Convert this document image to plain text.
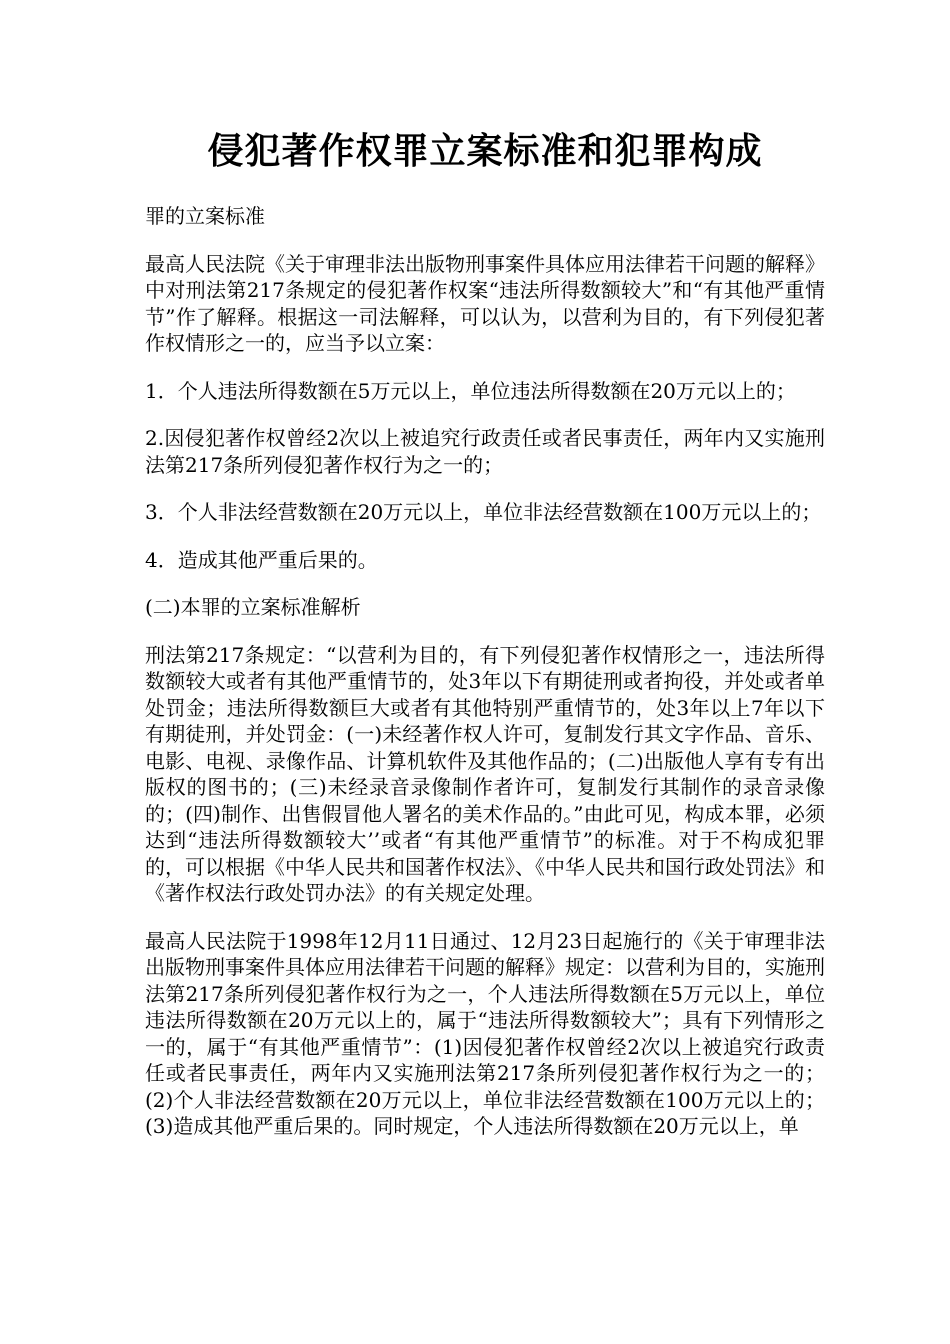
侵犯著作权罪立案标准和犯罪构成

罪的立案标准

最高人民法院《关于审理非法出版物刑事案件具体应用法律若干问题的解释》中对刑法第217条规定的侵犯著作权案“违法所得数额较大”和“有其他严重情节”作了解释。根据这一司法解释，可以认为，以营利为目的，有下列侵犯著作权情形之一的，应当予以立案：

1．个人违法所得数额在5万元以上，单位违法所得数额在20万元以上的；

2.因侵犯著作权曾经2次以上被追究行政责任或者民事责任，两年内又实施刑法第217条所列侵犯著作权行为之一的；

3．个人非法经营数额在20万元以上，单位非法经营数额在100万元以上的；

4．造成其他严重后果的。

(二)本罪的立案标准解析

刑法第217条规定：“以营利为目的，有下列侵犯著作权情形之一，违法所得数额较大或者有其他严重情节的，处3年以下有期徒刑或者拘役，并处或者单处罚金；违法所得数额巨大或者有其他特别严重情节的，处3年以上7年以下有期徒刑，并处罚金：(一)未经著作权人许可，复制发行其文字作品、音乐、电影、电视、录像作品、计算机软件及其他作品的；(二)出版他人享有专有出版权的图书的；(三)未经录音录像制作者许可，复制发行其制作的录音录像的；(四)制作、出售假冒他人署名的美术作品的。”由此可见，构成本罪，必须达到“违法所得数额较大’’或者“有其他严重情节”的标准。对于不构成犯罪的，可以根据《中华人民共和国著作权法》、《中华人民共和国行政处罚法》和《著作权法行政处罚办法》的有关规定处理。

最高人民法院于1998年12月11日通过、12月23日起施行的《关于审理非法出版物刑事案件具体应用法律若干问题的解释》规定：以营利为目的，实施刑法第217条所列侵犯著作权行为之一，个人违法所得数额在5万元以上，单位违法所得数额在20万元以上的，属于“违法所得数额较大”；具有下列情形之一的，属于“有其他严重情节”：(1)因侵犯著作权曾经2次以上被追究行政责任或者民事责任，两年内又实施刑法第217条所列侵犯著作权行为之一的；(2)个人非法经营数额在20万元以上，单位非法经营数额在100万元以上的；(3)造成其他严重后果的。同时规定，个人违法所得数额在20万元以上，单
